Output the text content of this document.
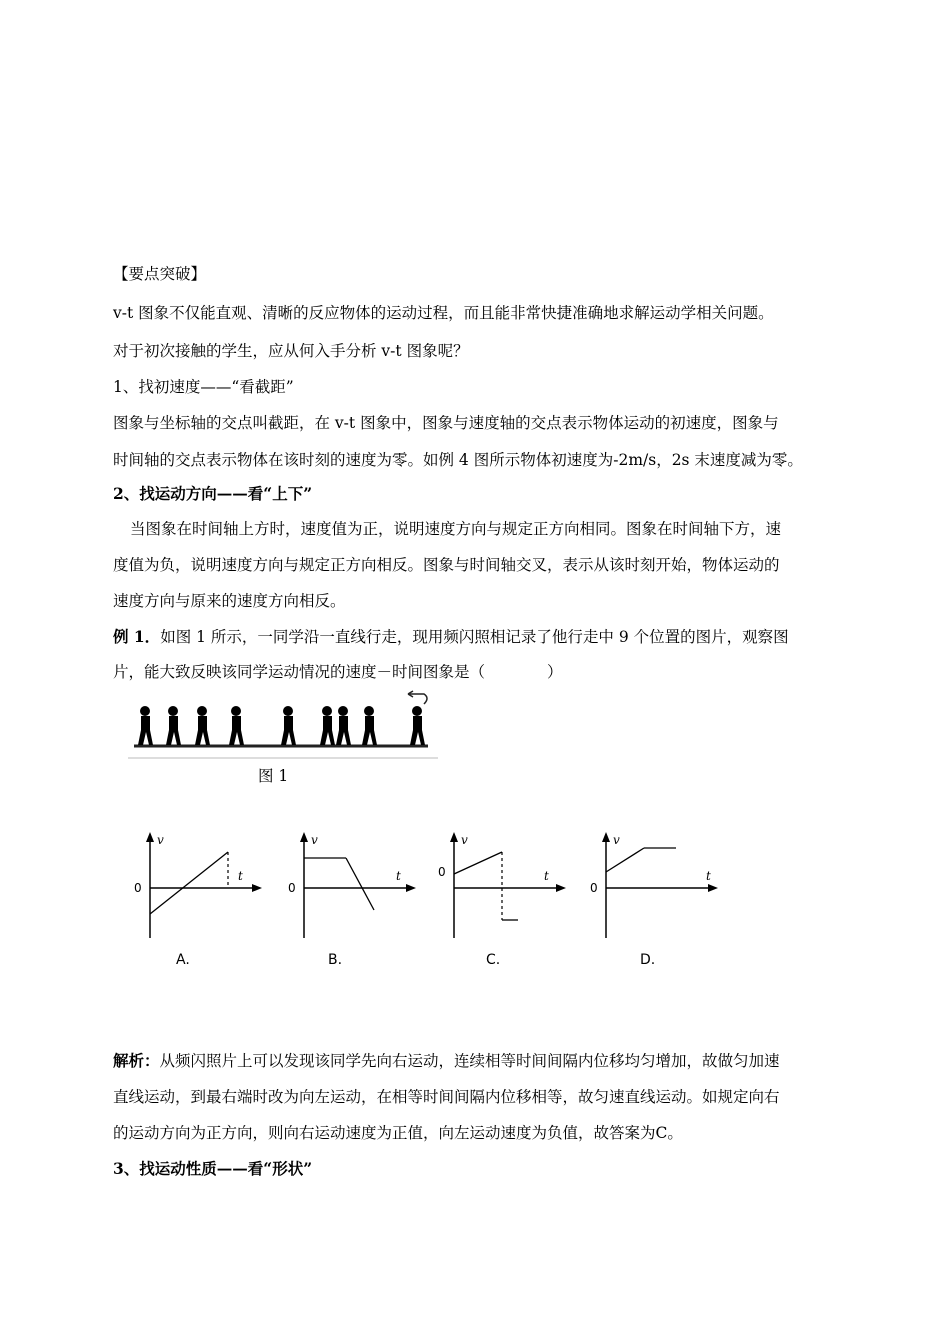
【要点突破】
v-t 图象不仅能直观、清晰的反应物体的运动过程，而且能非常快捷准确地求解运动学相关问题。
对于初次接触的学生，应从何入手分析 v-t 图象呢？
1、找初速度——“看截距”
图象与坐标轴的交点叫截距，在 v-t 图象中，图象与速度轴的交点表示物体运动的初速度，图象与
时间轴的交点表示物体在该时刻的速度为零。如例 4 图所示物体初速度为-2m/s，2s 末速度减为零。
2、找运动方向——看“上下”
当图象在时间轴上方时，速度值为正，说明速度方向与规定正方向相同。图象在时间轴下方，速
度值为负，说明速度方向与规定正方向相反。图象与时间轴交叉，表示从该时刻开始，物体运动的
速度方向与原来的速度方向相反。
例 1．如图 1 所示，一同学沿一直线行走，现用频闪照相记录了他行走中 9 个位置的图片，观察图
片，能大致反映该同学运动情况的速度－时间图象是（　　　　）
图 1
v
t
0
A.
v
t
0
B.
v
t
0
C.
v
t
0
D.
解析：从频闪照片上可以发现该同学先向右运动，连续相等时间间隔内位移均匀增加，故做匀加速
直线运动，到最右端时改为向左运动，在相等时间间隔内位移相等，故匀速直线运动。如规定向右
的运动方向为正方向，则向右运动速度为正值，向左运动速度为负值，故答案为C。
3、找运动性质——看“形状”
